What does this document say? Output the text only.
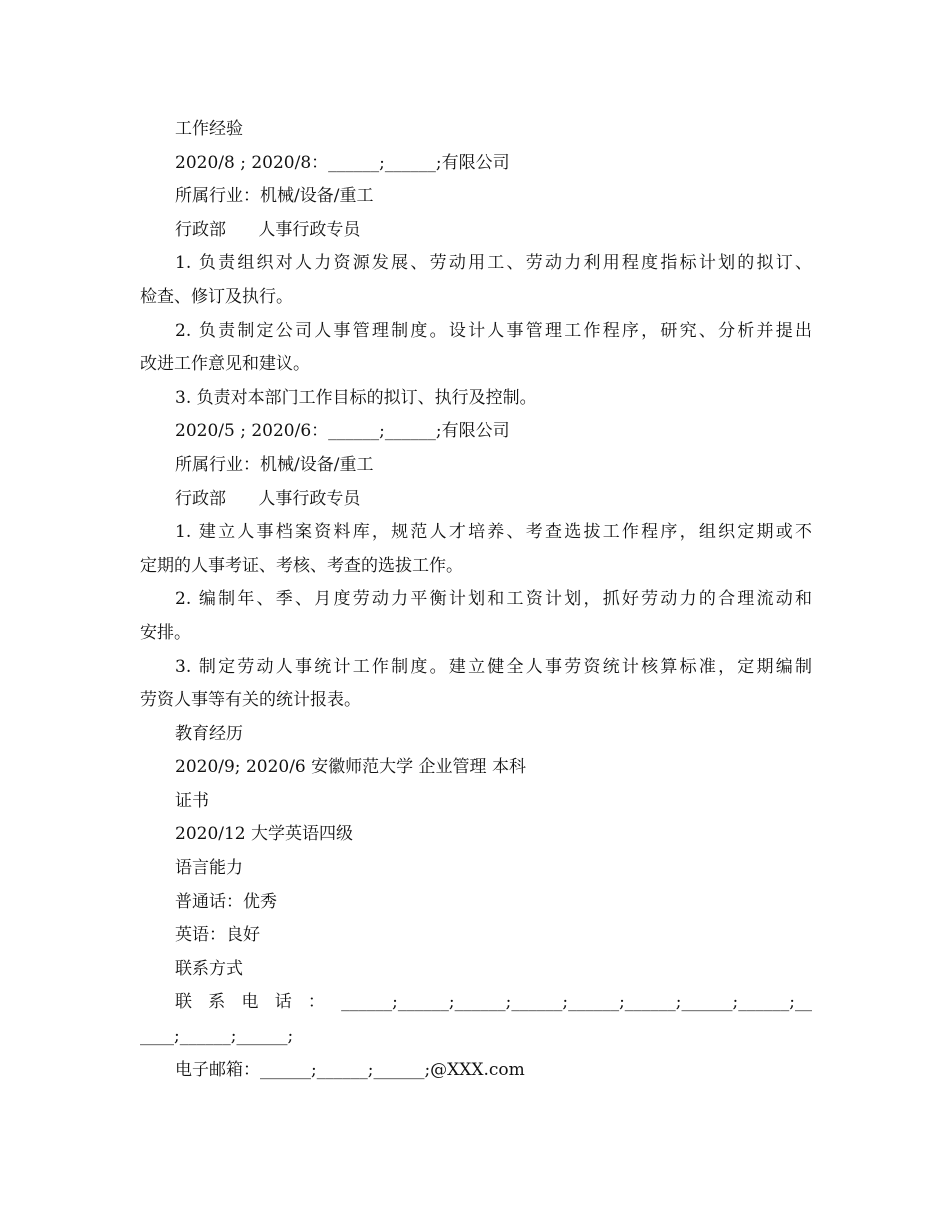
工作经验
2020/8 ; 2020/8：______;______;有限公司
所属行业：机械/设备/重工
行政部      人事行政专员
1. 负责组织对人力资源发展、劳动用工、劳动力利用程度指标计划的拟订、
检查、修订及执行。
2. 负责制定公司人事管理制度。设计人事管理工作程序，研究、分析并提出
改进工作意见和建议。
3. 负责对本部门工作目标的拟订、执行及控制。
2020/5 ; 2020/6：______;______;有限公司
所属行业：机械/设备/重工
行政部      人事行政专员
1. 建立人事档案资料库，规范人才培养、考查选拔工作程序，组织定期或不
定期的人事考证、考核、考查的选拔工作。
2. 编制年、季、月度劳动力平衡计划和工资计划，抓好劳动力的合理流动和
安排。
3. 制定劳动人事统计工作制度。建立健全人事劳资统计核算标准，定期编制
劳资人事等有关的统计报表。
教育经历
2020/9; 2020/6 安徽师范大学 企业管理 本科
证书
2020/12 大学英语四级
语言能力
普通话：优秀
英语：良好
联系方式
联系电话：______;______;______;______;______;______;______;______;__
____;______;______;
电子邮箱：______;______;______;@XXX.com
